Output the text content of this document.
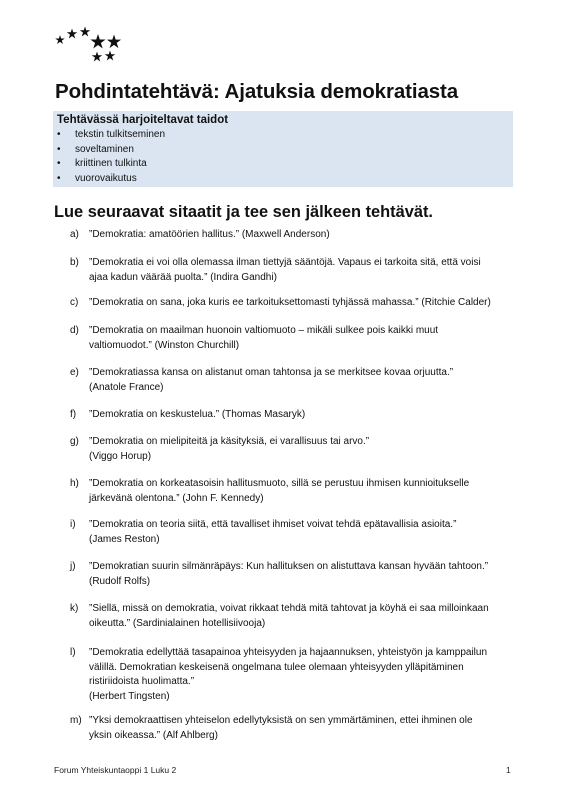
Pohdintatehtävä: Ajatuksia demokratiasta
Tehtävässä harjoiteltavat taidot
• tekstin tulkitseminen
• soveltaminen
• kriittinen tulkinta
• vuorovaikutus
Lue seuraavat sitaatit ja tee sen jälkeen tehtävät.
a) ”Demokratia: amatöörien hallitus.” (Maxwell Anderson)
b) ”Demokratia ei voi olla olemassa ilman tiettyjä sääntöjä. Vapaus ei tarkoita sitä, että voisi
ajaa kadun väärää puolta.” (Indira Gandhi)
c) ”Demokratia on sana, joka kuris ee tarkoituksettomasti tyhjässä mahassa.” (Ritchie Calder)
d) ”Demokratia on maailman huonoin valtiomuoto – mikäli sulkee pois kaikki muut
valtiomuodot.” (Winston Churchill)
e) ”Demokratiassa kansa on alistanut oman tahtonsa ja se merkitsee kovaa orjuutta.”
(Anatole France)
f) ”Demokratia on keskustelua.” (Thomas Masaryk)
g) ”Demokratia on mielipiteitä ja käsityksiä, ei varallisuus tai arvo.”
(Viggo Horup)
h) ”Demokratia on korkeatasoisin hallitusmuoto, sillä se perustuu ihmisen kunnioitukselle
järkevänä olentona.” (John F. Kennedy)
i) ”Demokratia on teoria siitä, että tavalliset ihmiset voivat tehdä epätavallisia asioita.”
(James Reston)
j) ”Demokratian suurin silmänräpäys: Kun hallituksen on alistuttava kansan hyvään tahtoon.”
(Rudolf Rolfs)
k) ”Siellä, missä on demokratia, voivat rikkaat tehdä mitä tahtovat ja köyhä ei saa milloinkaan
oikeutta.” (Sardinialainen hotellisiivooja)
l) ”Demokratia edellyttää tasapainoa yhteisyyden ja hajaannuksen, yhteistyön ja kamppailun
välillä. Demokratian keskeisenä ongelmana tulee olemaan yhteisyyden ylläpitäminen
ristiriidoista huolimatta.”
(Herbert Tingsten)
m) ”Yksi demokraattisen yhteiselon edellytyksistä on sen ymmärtäminen, ettei ihminen ole
yksin oikeassa.” (Alf Ahlberg)
Forum Yhteiskuntaoppi 1 Luku 2	1
